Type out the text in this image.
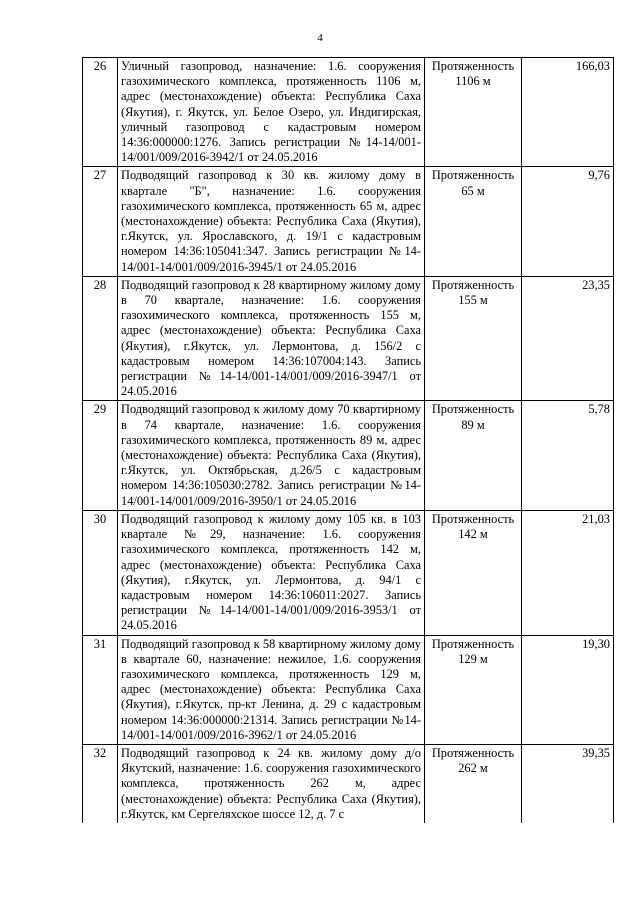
4
26	Уличный газопровод, назначение: 1.6. сооружения газохимического комплекса, протяженность 1106 м, адрес (местонахождение) объекта: Республика Саха (Якутия), г. Якутск, ул. Белое Озеро, ул. Индигирская, уличный газопровод с кадастровым номером 14:36:000000:1276. Запись регистрации №14-14/001-14/001/009/2016-3942/1 от 24.05.2016	Протяженность
1106 м	166,03
27	Подводящий газопровод к 30 кв. жилому дому в квартале "Б", назначение: 1.6. сооружения газохимического комплекса, протяженность 65 м, адрес (местонахождение) объекта: Республика Саха (Якутия), г.Якутск, ул. Ярославского, д. 19/1 с кадастровым номером 14:36:105041:347. Запись регистрации №14-14/001-14/001/009/2016-3945/1 от 24.05.2016	Протяженность
65 м	9,76
28	Подводящий газопровод к 28 квартирному жилому дому в 70 квартале, назначение: 1.6. сооружения газохимического комплекса, протяженность 155 м, адрес (местонахождение) объекта: Республика Саха (Якутия), г.Якутск, ул. Лермонтова, д. 156/2 с кадастровым номером 14:36:107004:143. Запись регистрации №14-14/001-14/001/009/2016-3947/1 от 24.05.2016	Протяженность
155 м	23,35
29	Подводящий газопровод к жилому дому 70 квартирному в 74 квартале, назначение: 1.6. сооружения газохимического комплекса, протяженность 89 м, адрес (местонахождение) объекта: Республика Саха (Якутия), г.Якутск, ул. Октябрьская, д.26/5 с кадастровым номером 14:36:105030:2782. Запись регистрации №14-14/001-14/001/009/2016-3950/1 от 24.05.2016	Протяженность
89 м	5,78
30	Подводящий газопровод к жилому дому 105 кв. в 103 квартале №29, назначение: 1.6. сооружения газохимического комплекса, протяженность 142 м, адрес (местонахождение) объекта: Республика Саха (Якутия), г.Якутск, ул. Лермонтова, д. 94/1 с кадастровым номером 14:36:106011:2027. Запись регистрации №14-14/001-14/001/009/2016-3953/1 от 24.05.2016	Протяженность
142 м	21,03
31	Подводящий газопровод к 58 квартирному жилому дому в квартале 60, назначение: нежилое, 1.6. сооружения газохимического комплекса, протяженность 129 м, адрес (местонахождение) объекта: Республика Саха (Якутия), г.Якутск, пр-кт Ленина, д. 29 с кадастровым номером 14:36:000000:21314. Запись регистрации №14-14/001-14/001/009/2016-3962/1 от 24.05.2016	Протяженность
129 м	19,30
32	Подводящий газопровод к 24 кв. жилому дому д/о Якутский, назначение: 1.6. сооружения газохимического комплекса, протяженность 262 м, адрес (местонахождение) объекта: Республика Саха (Якутия), г.Якутск, км Сергеляхское шоссе 12, д. 7 с	Протяженность
262 м	39,35
